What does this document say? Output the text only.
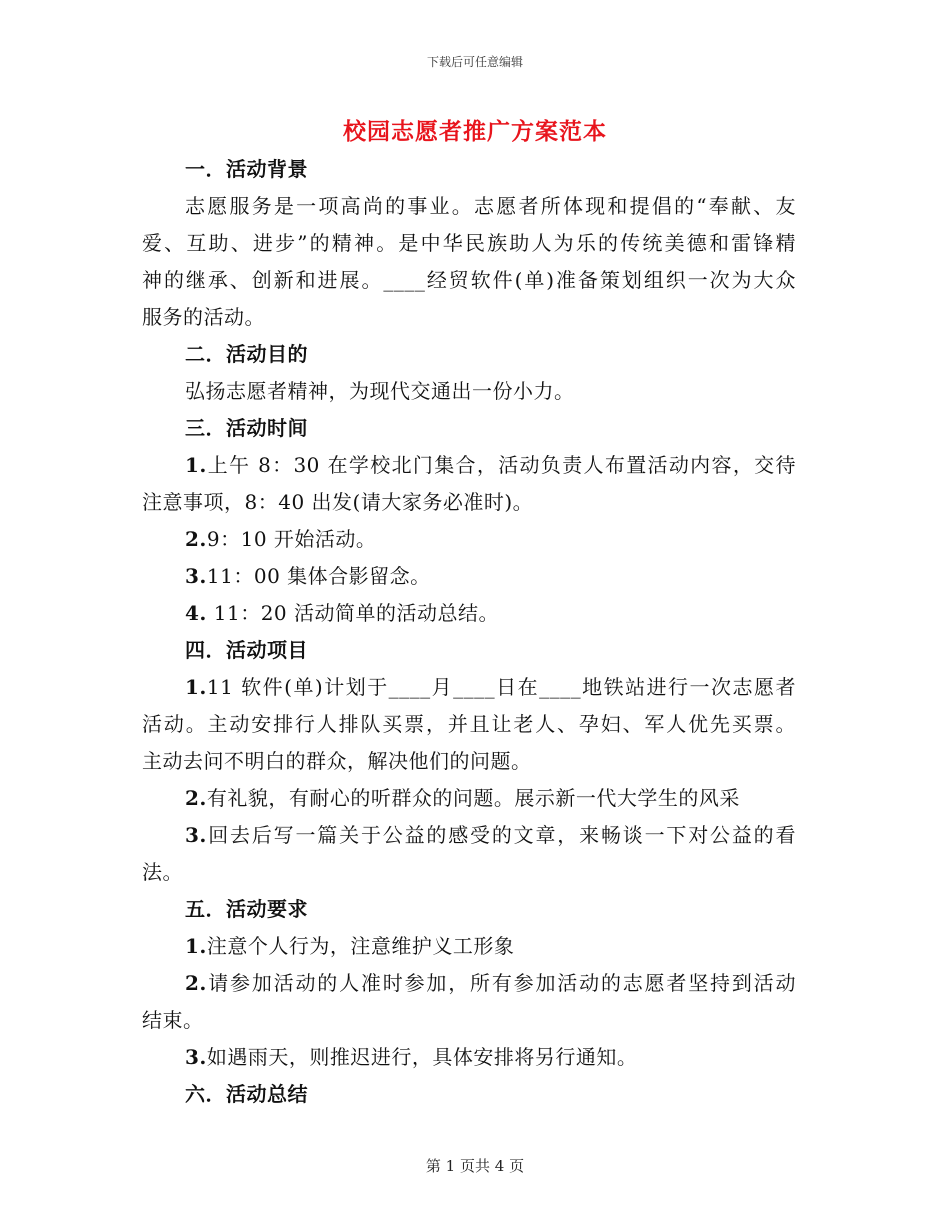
下载后可任意编辑
校园志愿者推广方案范本
一．活动背景
志愿服务是一项高尚的事业。志愿者所体现和提倡的“奉献、友
爱、互助、进步”的精神。是中华民族助人为乐的传统美德和雷锋精
神的继承、创新和进展。____经贸软件(单)准备策划组织一次为大众
服务的活动。
二．活动目的
弘扬志愿者精神，为现代交通出一份小力。
三．活动时间
1.上午 8：30 在学校北门集合，活动负责人布置活动内容，交待
注意事项，8：40 出发(请大家务必准时)。
2.9：10 开始活动。
3.11：00 集体合影留念。
4. 11：20 活动简单的活动总结。
四．活动项目
1.11 软件(单)计划于____月____日在____地铁站进行一次志愿者
活动。主动安排行人排队买票，并且让老人、孕妇、军人优先买票。
主动去问不明白的群众，解决他们的问题。
2.有礼貌，有耐心的听群众的问题。展示新一代大学生的风采
3.回去后写一篇关于公益的感受的文章，来畅谈一下对公益的看
法。
五．活动要求
1.注意个人行为，注意维护义工形象
2.请参加活动的人准时参加，所有参加活动的志愿者坚持到活动
结束。
3.如遇雨天，则推迟进行，具体安排将另行通知。
六．活动总结
第 1 页共 4 页
